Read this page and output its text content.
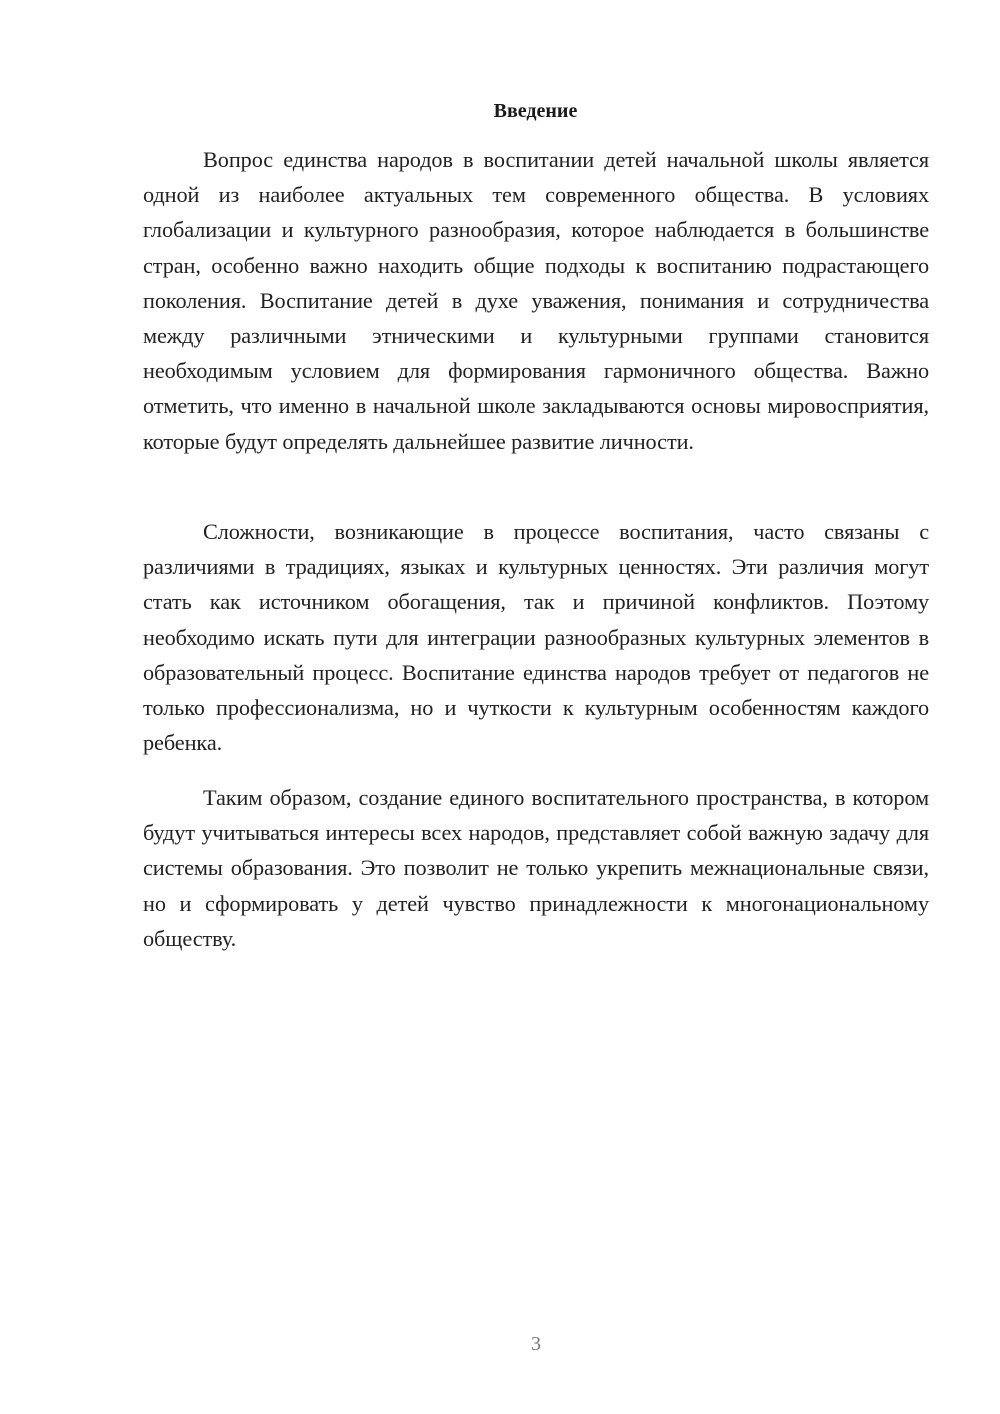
Введение

Вопрос единства народов в воспитании детей начальной школы является одной из наиболее актуальных тем современного общества. В условиях глобализации и культурного разнообразия, которое наблюдается в большинстве стран, особенно важно находить общие подходы к воспитанию подрастающего поколения. Воспитание детей в духе уважения, понимания и сотрудничества между различными этническими и культурными группами становится необходимым условием для формирования гармоничного общества. Важно отметить, что именно в начальной школе закладываются основы мировосприятия, которые будут определять дальнейшее развитие личности.

Сложности, возникающие в процессе воспитания, часто связаны с различиями в традициях, языках и культурных ценностях. Эти различия могут стать как источником обогащения, так и причиной конфликтов. Поэтому необходимо искать пути для интеграции разнообразных культурных элементов в образовательный процесс. Воспитание единства народов требует от педагогов не только профессионализма, но и чуткости к культурным особенностям каждого ребенка.

Таким образом, создание единого воспитательного пространства, в котором будут учитываться интересы всех народов, представляет собой важную задачу для системы образования. Это позволит не только укрепить межнациональные связи, но и сформировать у детей чувство принадлежности к многонациональному обществу.

3
